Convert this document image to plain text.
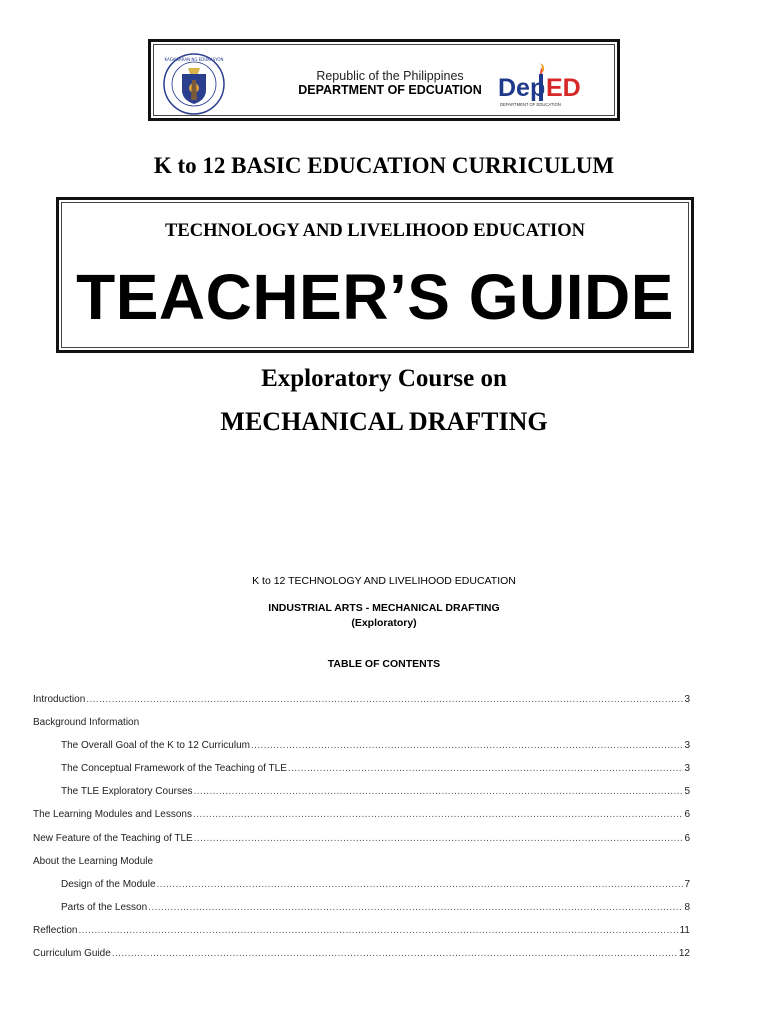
KAGAWARAN NG EDUKASYON
Republic of the Philippines
DEPARTMENT OF EDCUATION De p ED
DEPARTMENT OF EDUCATION
K to 12 BASIC EDUCATION CURRICULUM
TECHNOLOGY AND LIVELIHOOD EDUCATION
TEACHER’S GUIDE
Exploratory Course on
MECHANICAL DRAFTING
K to 12 TECHNOLOGY AND LIVELIHOOD EDUCATION
INDUSTRIAL ARTS - MECHANICAL DRAFTING
(Exploratory)
TABLE OF CONTENTS
Introduction .....	3
Background Information
The Overall Goal of the K to 12 Curriculum .....	3
The Conceptual Framework of the Teaching of TLE .....	3
The TLE Exploratory Courses .....	5
The Learning Modules and Lessons .....	6
New Feature of the Teaching of TLE .....	6
About the Learning Module
Design of the Module .....	7
Parts of the Lesson .....	8
Reflection .....	11
Curriculum Guide .....	12
